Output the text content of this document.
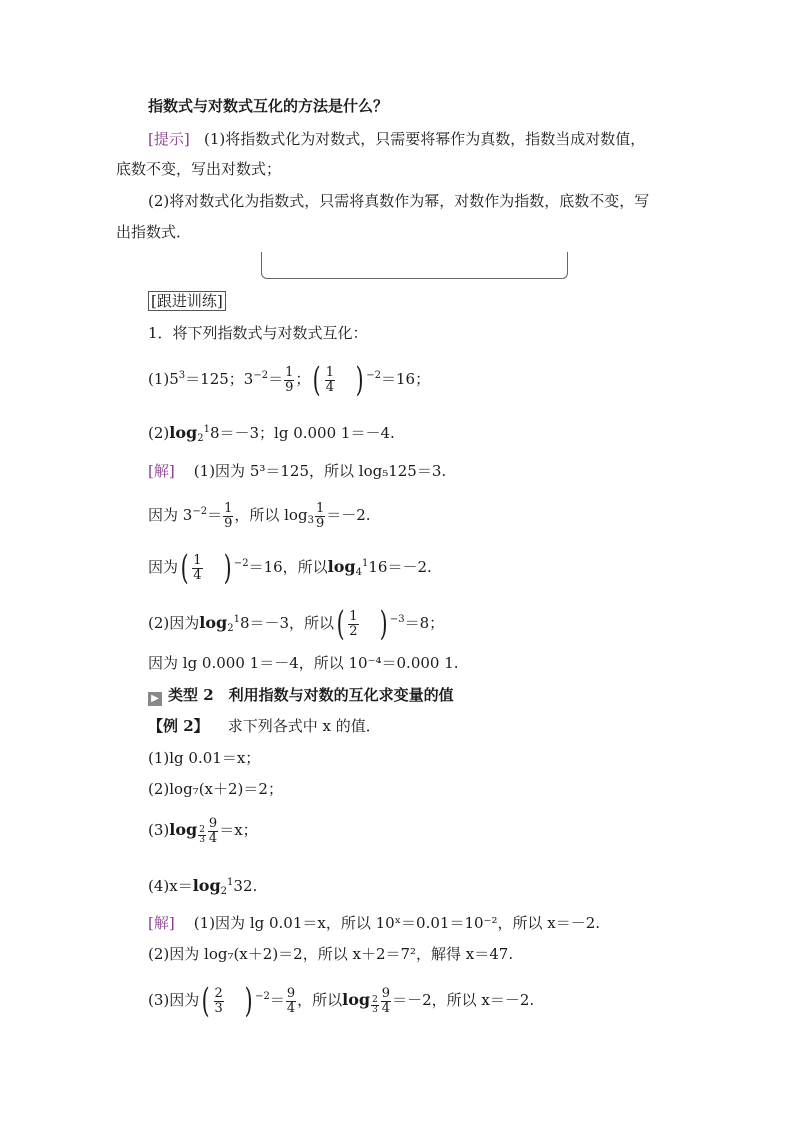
指数式与对数式互化的方法是什么？
[提示] (1)将指数式化为对数式，只需要将幂作为真数，指数当成对数值，
底数不变，写出对数式；
(2)将对数式化为指数式，只需将真数作为幂，对数作为指数，底数不变，写
出指数式．
[跟进训练]
1．将下列指数式与对数式互化：
$(1)5^3=125$；$3^{-2}= \frac{1}{9}$ ；( $\frac{1}{4}$ ) $^{-2}$＝16；
$(2)\log_2^18=-3$；lg 0.000 1＝－4.
[解] (1)因为 5³＝125，所以 log₅125＝3.
因为 $3^{-2}= \frac{1}{9}$ ，所以 $\log_3 \frac{1}{9} =-2$.
因为( $\frac{1}{4}$ ) $^{-2}$＝16，所以$\log_4^116=-2$.
(2)因为$\log_2^18=-3$，所以( $\frac{1}{2}$ ) $^{-3}$＝8；
因为 lg 0.000 1＝－4，所以 10⁻⁴＝0.000 1.
▶ 类型 2　利用指数与对数的互化求变量的值
【例 2】 求下列各式中 x 的值．
(1)lg 0.01＝x；
(2)log₇(x＋2)＝2；
(3)log $_{\frac{2}{3}} \frac{9}{4} =x$；
$(4)x=\log_2^132$.
[解] (1)因为 lg 0.01＝x，所以 10ˣ＝0.01＝10⁻²，所以 x＝－2.
(2)因为 log₇(x＋2)＝2，所以 x＋2＝7²，解得 x＝47.
(3)因为( $\frac{2}{3}$ ) $^{-2}= \frac{9}{4}$ ，所以$\log _{\frac{2}{3}} \frac{9}{4} =-2$，所以 x＝－2.
